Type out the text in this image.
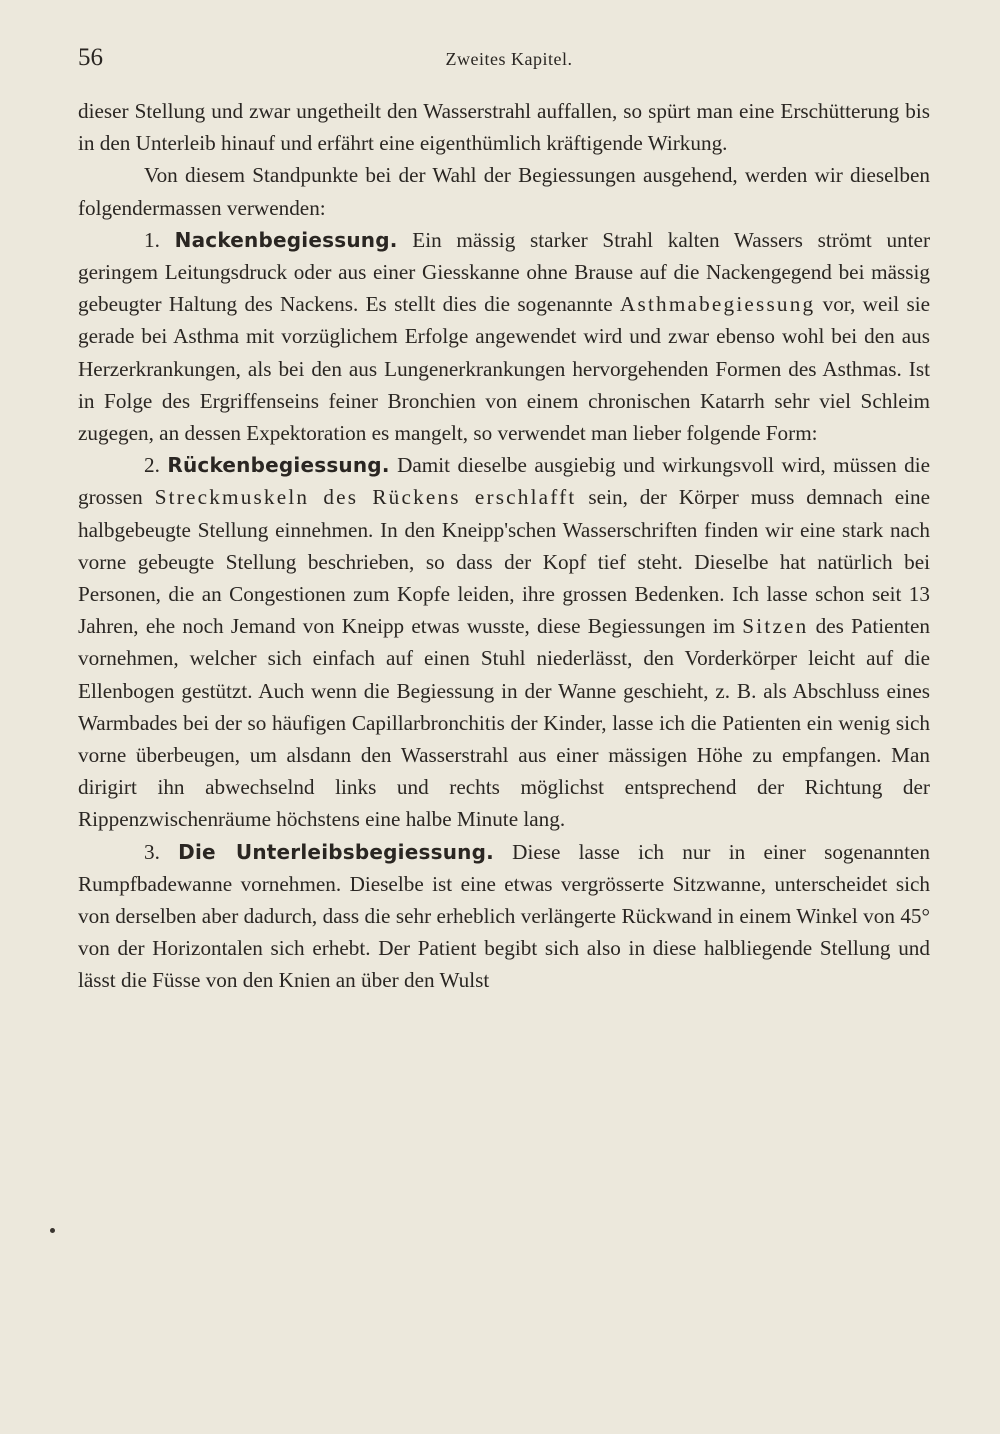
56	Zweites Kapitel.

dieser Stellung und zwar ungetheilt den Wasserstrahl auffallen, so spürt man eine Erschütterung bis in den Unterleib hinauf und erfährt eine eigenthümlich kräftigende Wirkung.

Von diesem Standpunkte bei der Wahl der Begiessungen ausgehend, werden wir dieselben folgendermassen verwenden:

1. Nackenbegiessung. Ein mässig starker Strahl kalten Wassers strömt unter geringem Leitungsdruck oder aus einer Giesskanne ohne Brause auf die Nackengegend bei mässig gebeugter Haltung des Nackens. Es stellt dies die sogenannte Asthmabegiessung vor, weil sie gerade bei Asthma mit vorzüglichem Erfolge angewendet wird und zwar ebenso wohl bei den aus Herzerkrankungen, als bei den aus Lungenerkrankungen hervorgehenden Formen des Asthmas. Ist in Folge des Ergriffenseins feiner Bronchien von einem chronischen Katarrh sehr viel Schleim zugegen, an dessen Expektoration es mangelt, so verwendet man lieber folgende Form:

2. Rückenbegiessung. Damit dieselbe ausgiebig und wirkungsvoll wird, müssen die grossen Streckmuskeln des Rückens erschlafft sein, der Körper muss demnach eine halbgebeugte Stellung einnehmen. In den Kneipp'schen Wasserschriften finden wir eine stark nach vorne gebeugte Stellung beschrieben, so dass der Kopf tief steht. Dieselbe hat natürlich bei Personen, die an Congestionen zum Kopfe leiden, ihre grossen Bedenken. Ich lasse schon seit 13 Jahren, ehe noch Jemand von Kneipp etwas wusste, diese Begiessungen im Sitzen des Patienten vornehmen, welcher sich einfach auf einen Stuhl niederlässt, den Vorderkörper leicht auf die Ellenbogen gestützt. Auch wenn die Begiessung in der Wanne geschieht, z. B. als Abschluss eines Warmbades bei der so häufigen Capillarbronchitis der Kinder, lasse ich die Patienten ein wenig sich vorne überbeugen, um alsdann den Wasserstrahl aus einer mässigen Höhe zu empfangen. Man dirigirt ihn abwechselnd links und rechts möglichst entsprechend der Richtung der Rippenzwischenräume höchstens eine halbe Minute lang.

3. Die Unterleibsbegiessung. Diese lasse ich nur in einer sogenannten Rumpfbadewanne vornehmen. Dieselbe ist eine etwas vergrösserte Sitzwanne, unterscheidet sich von derselben aber dadurch, dass die sehr erheblich verlängerte Rückwand in einem Winkel von 45° von der Horizontalen sich erhebt. Der Patient begibt sich also in diese halbliegende Stellung und lässt die Füsse von den Knien an über den Wulst
